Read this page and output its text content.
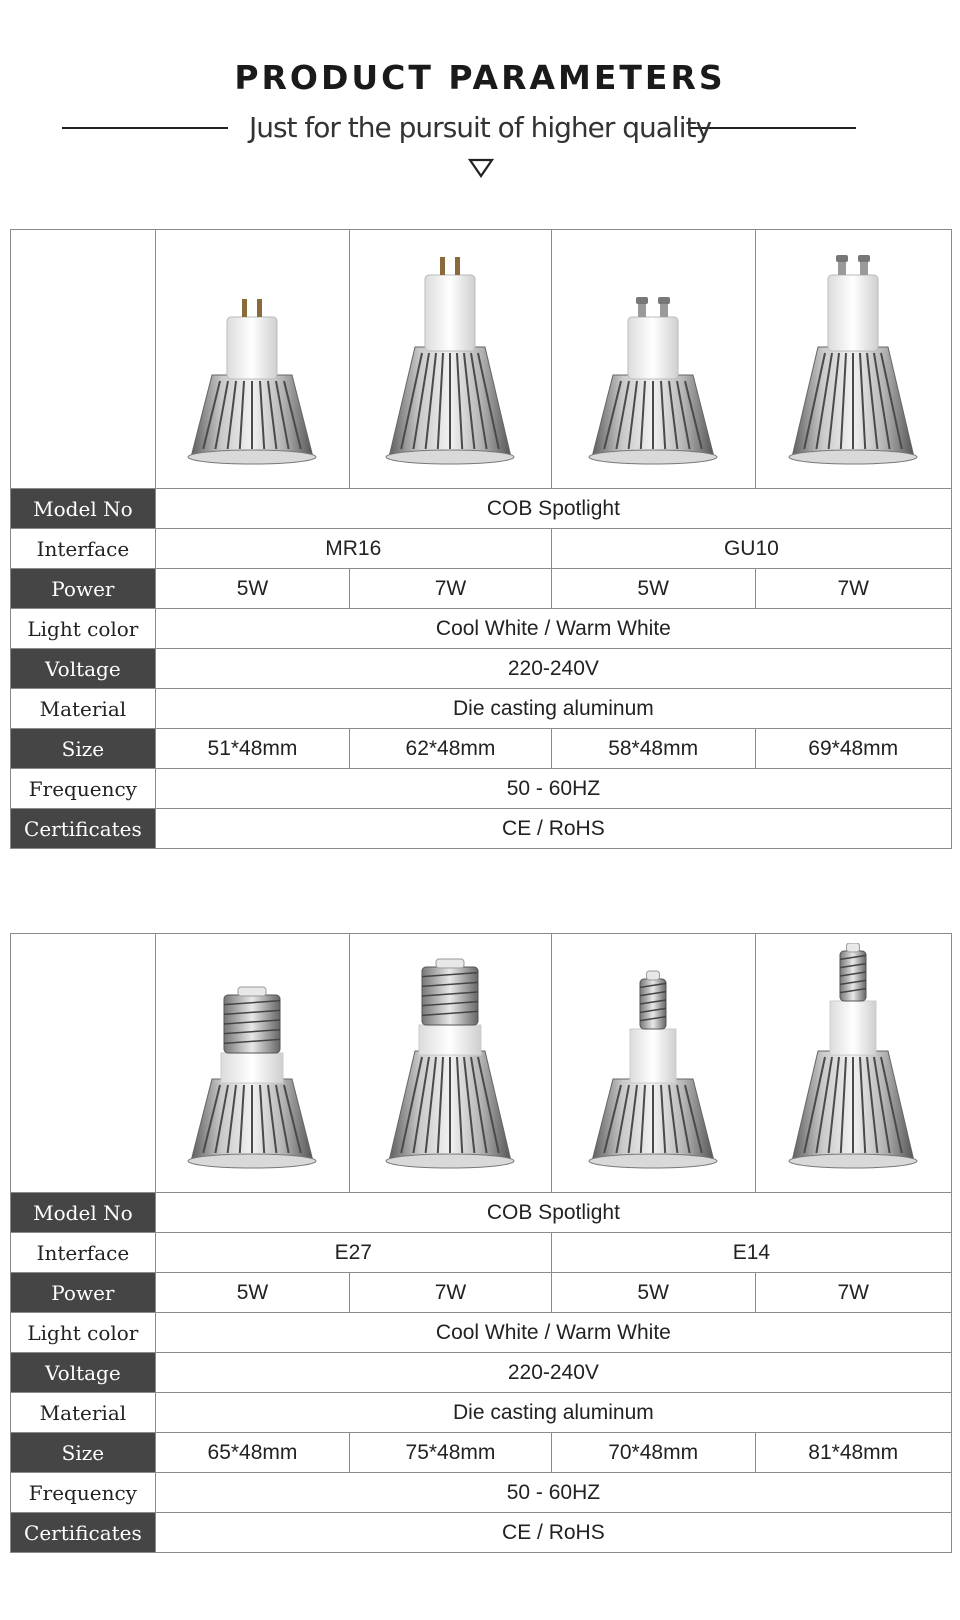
PRODUCT PARAMETERS
Just for the pursuit of higher quality

Model No	COB Spotlight			
Interface	MR16		GU10	
Power	5W	7W	5W	7W
Light color	Cool White / Warm White			
Voltage	220-240V			
Material	Die casting aluminum			
Size	51*48mm	62*48mm	58*48mm	69*48mm
Frequency	50 - 60HZ			
Certificates	CE / RoHS			

Model No	COB Spotlight			
Interface	E27		E14	
Power	5W	7W	5W	7W
Light color	Cool White / Warm White			
Voltage	220-240V			
Material	Die casting aluminum			
Size	65*48mm	75*48mm	70*48mm	81*48mm
Frequency	50 - 60HZ			
Certificates	CE / RoHS			
